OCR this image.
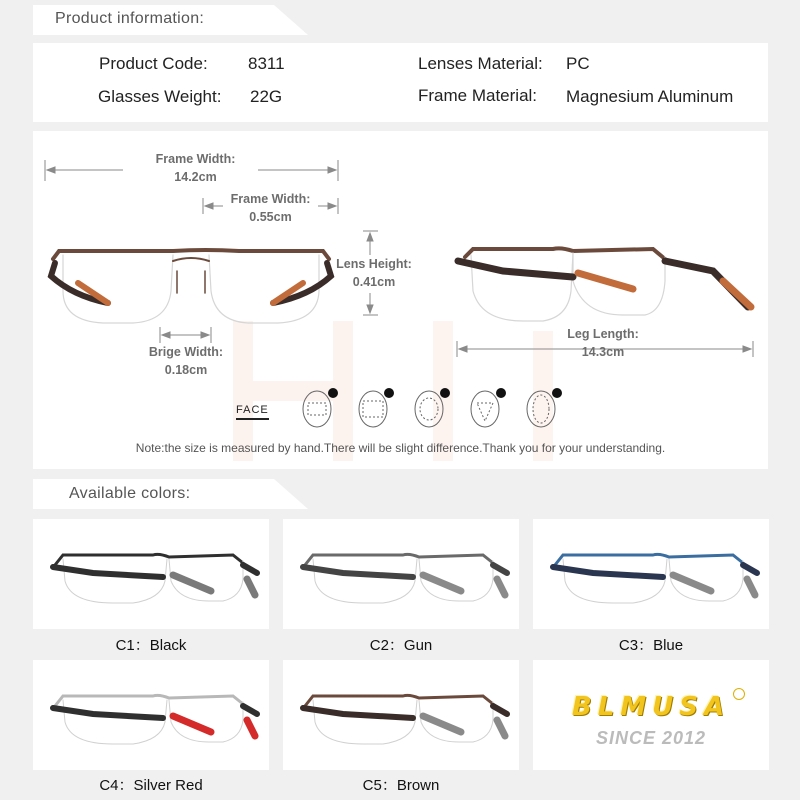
Product information:
Product Code: 8311
Glasses Weight: 22G
Lenses Material: PC
Frame Material: Magnesium Aluminum
Frame Width:
14.2cm
Frame Width:
0.55cm
Lens Height:
0.41cm
Brige Width:
0.18cm
Leg Length:
14.3cm
FACE
Note:the size is measured by hand.There will be slight difference.Thank you for your understanding.
Available colors:
C1：Black	C2：Gun	C3：Blue
C4：Silver Red	C5：Brown
BLMUSA
SINCE 2012
